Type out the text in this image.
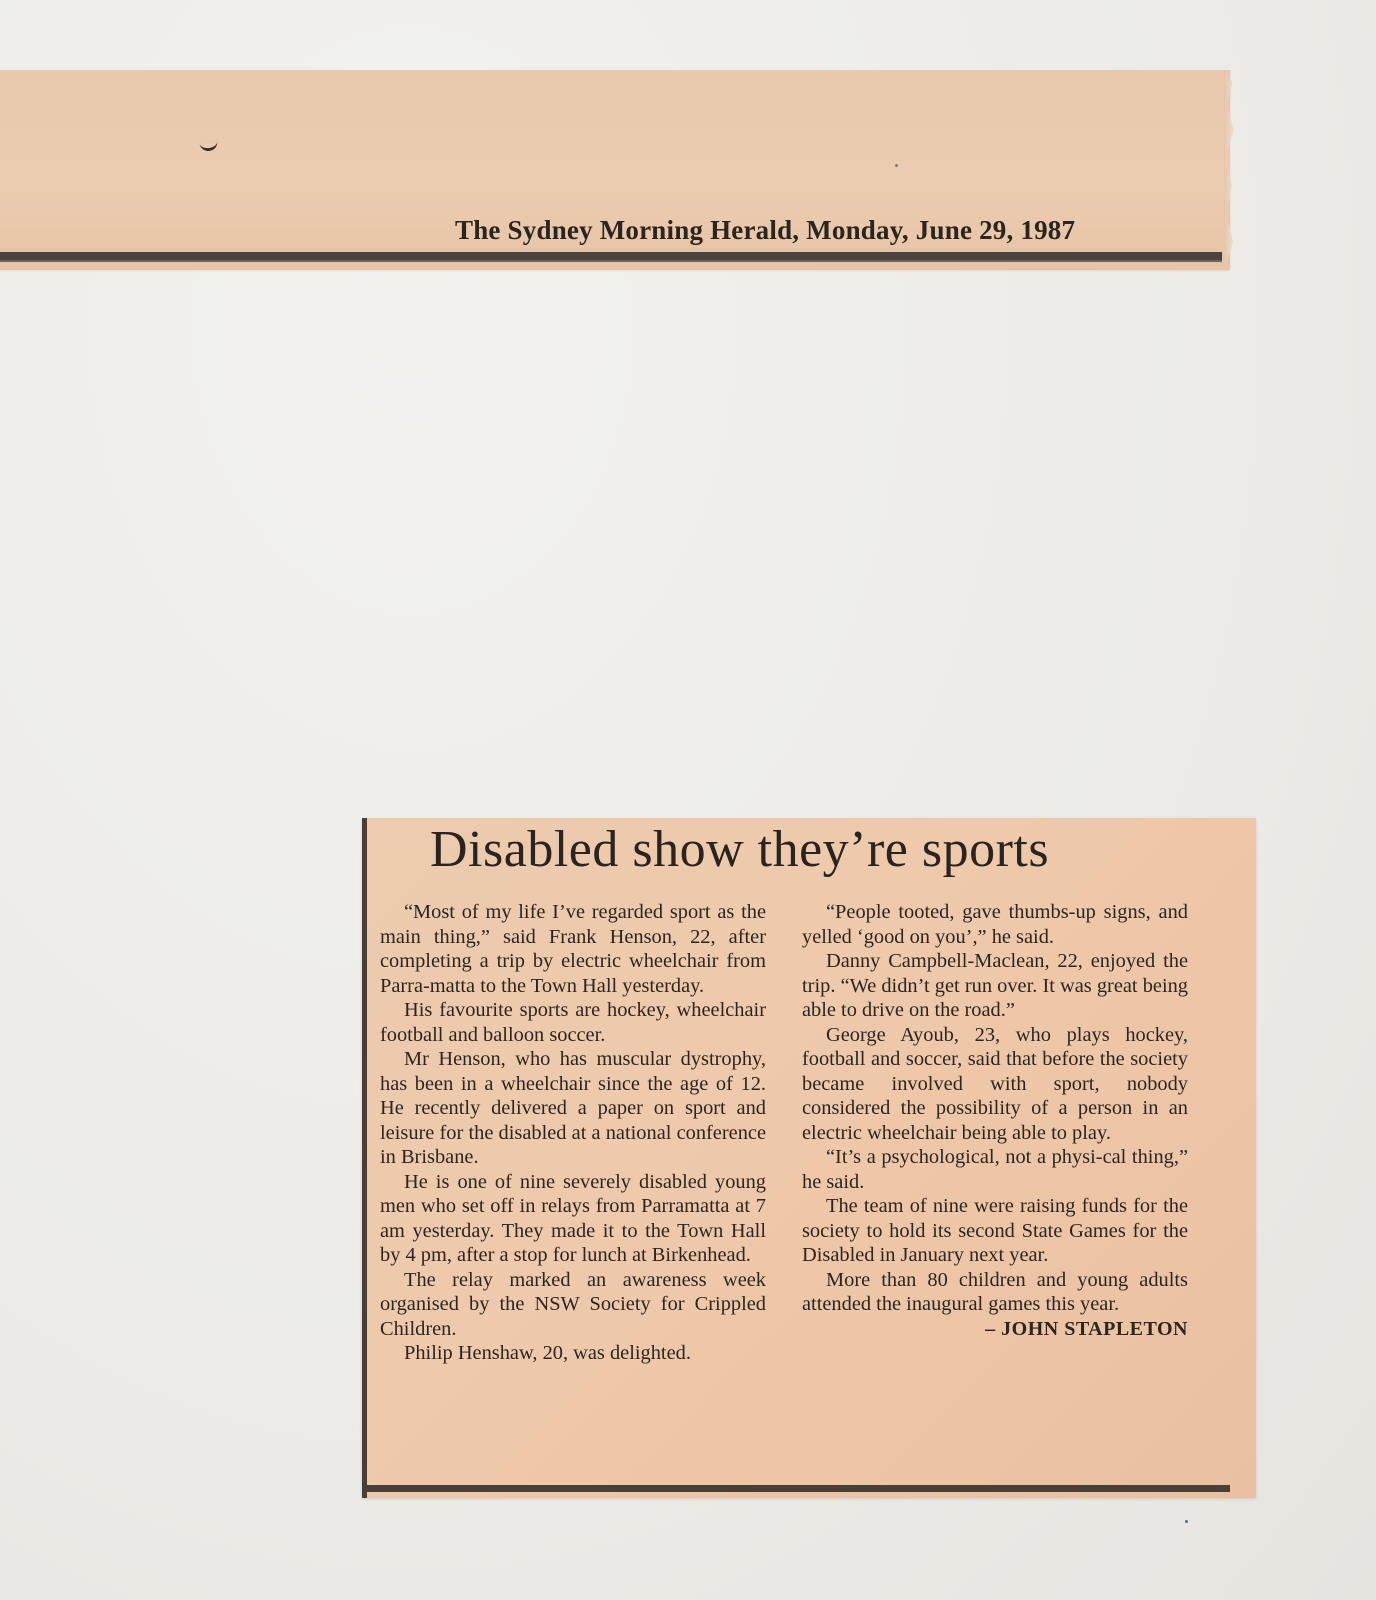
The Sydney Morning Herald, Monday, June 29, 1987
Disabled show they’re sports

“Most of my life I’ve regarded sport as the main thing,” said Frank Henson, 22, after completing a trip by electric wheelchair from Parra-matta to the Town Hall yesterday.

His favourite sports are hockey, wheelchair football and balloon soccer.

Mr Henson, who has muscular dystrophy, has been in a wheelchair since the age of 12. He recently delivered a paper on sport and leisure for the disabled at a national conference in Brisbane.

He is one of nine severely disabled young men who set off in relays from Parramatta at 7 am yesterday. They made it to the Town Hall by 4 pm, after a stop for lunch at Birkenhead.

The relay marked an awareness week organised by the NSW Society for Crippled Children.

Philip Henshaw, 20, was delighted.

“People tooted, gave thumbs-up signs, and yelled ‘good on you’,” he said.

Danny Campbell-Maclean, 22, enjoyed the trip. “We didn’t get run over. It was great being able to drive on the road.”

George Ayoub, 23, who plays hockey, football and soccer, said that before the society became involved with sport, nobody considered the possibility of a person in an electric wheelchair being able to play.

“It’s a psychological, not a physi-cal thing,” he said.

The team of nine were raising funds for the society to hold its second State Games for the Disabled in January next year.

More than 80 children and young adults attended the inaugural games this year.

– JOHN STAPLETON
